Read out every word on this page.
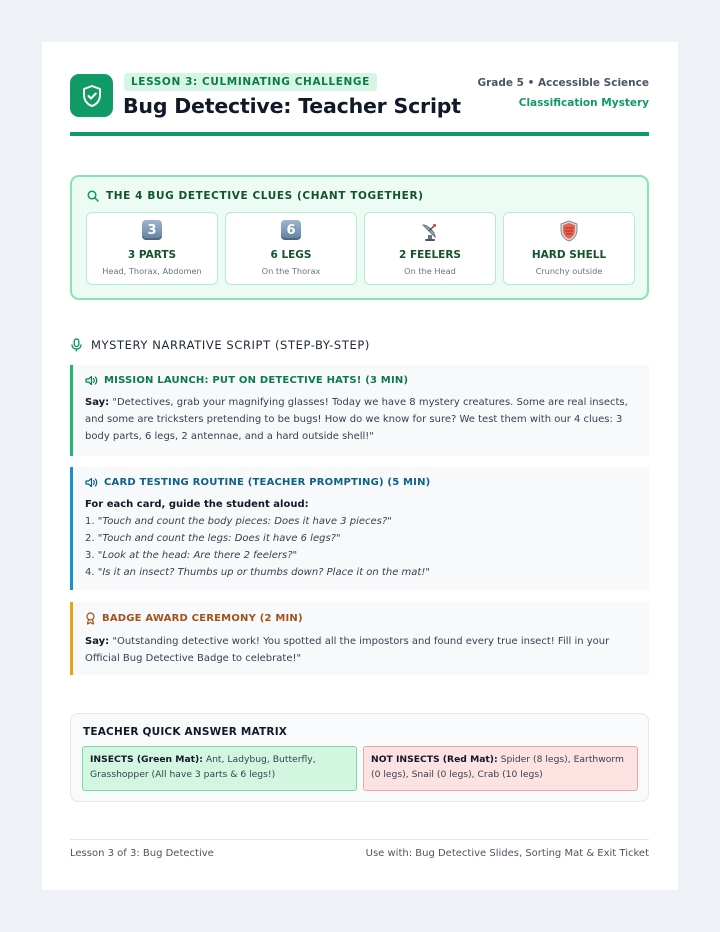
LESSON 3: CULMINATING CHALLENGE
Bug Detective: Teacher Script
Grade 5 • Accessible Science
Classification Mystery
THE 4 BUG DETECTIVE CLUES (CHANT TOGETHER)
3
3 PARTS
Head, Thorax, Abdomen
6
6 LEGS
On the Thorax
2 FEELERS
On the Head
HARD SHELL
Crunchy outside
MYSTERY NARRATIVE SCRIPT (STEP-BY-STEP)
MISSION LAUNCH: PUT ON DETECTIVE HATS! (3 MIN)
Say: "Detectives, grab your magnifying glasses! Today we have 8 mystery creatures. Some are real insects, and some are tricksters pretending to be bugs! How do we know for sure? We test them with our 4 clues: 3 body parts, 6 legs, 2 antennae, and a hard outside shell!"
CARD TESTING ROUTINE (TEACHER PROMPTING) (5 MIN)
For each card, guide the student aloud:
1. "Touch and count the body pieces: Does it have 3 pieces?"
2. "Touch and count the legs: Does it have 6 legs?"
3. "Look at the head: Are there 2 feelers?"
4. "Is it an insect? Thumbs up or thumbs down? Place it on the mat!"
BADGE AWARD CEREMONY (2 MIN)
Say: "Outstanding detective work! You spotted all the impostors and found every true insect! Fill in your Official Bug Detective Badge to celebrate!"
TEACHER QUICK ANSWER MATRIX
INSECTS (Green Mat): Ant, Ladybug, Butterfly, Grasshopper (All have 3 parts & 6 legs!)
NOT INSECTS (Red Mat): Spider (8 legs), Earthworm (0 legs), Snail (0 legs), Crab (10 legs)
Lesson 3 of 3: Bug Detective	Use with: Bug Detective Slides, Sorting Mat & Exit Ticket
